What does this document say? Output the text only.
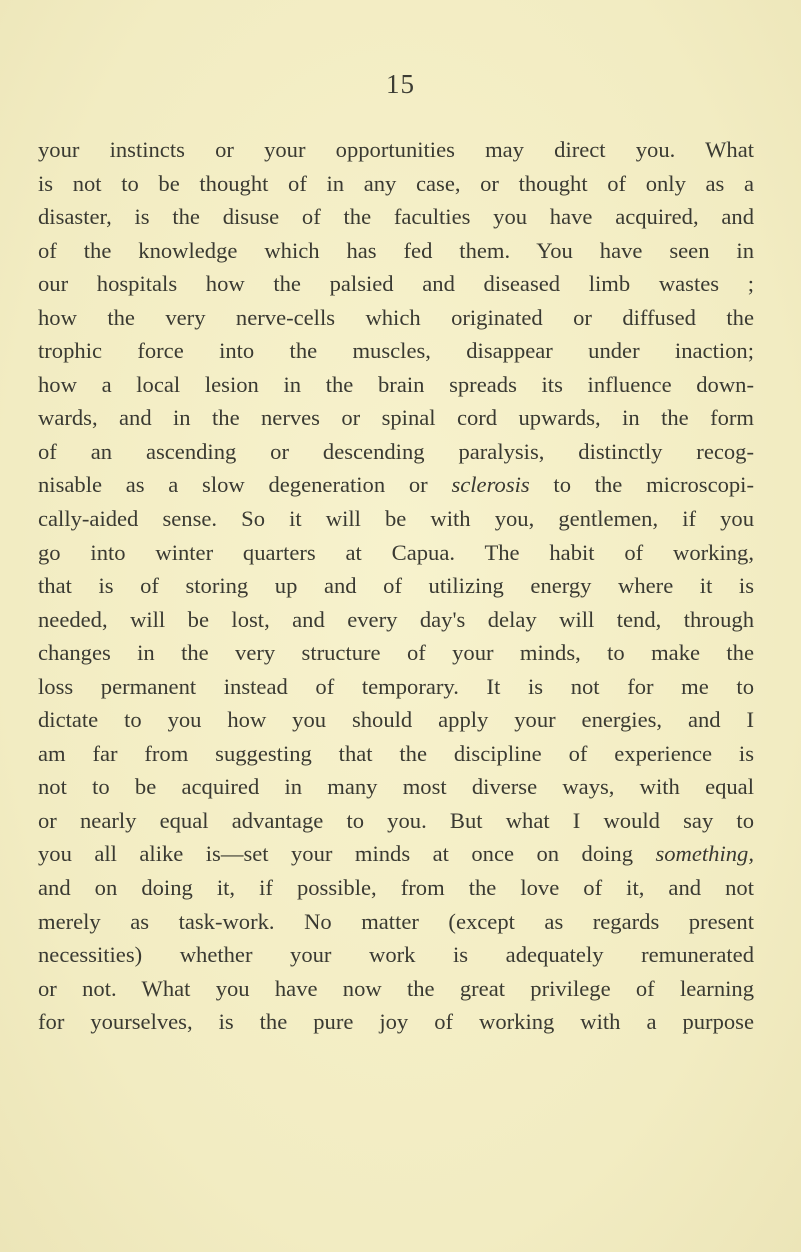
15
your instincts or your opportunities may direct you. What
is not to be thought of in any case, or thought of only as a
disaster, is the disuse of the faculties you have acquired, and
of the knowledge which has fed them. You have seen in
our hospitals how the palsied and diseased limb wastes ;
how the very nerve-cells which originated or diffused the
trophic force into the muscles, disappear under inaction;
how a local lesion in the brain spreads its influence down-
wards, and in the nerves or spinal cord upwards, in the form
of an ascending or descending paralysis, distinctly recog-
nisable as a slow degeneration or sclerosis to the microscopi-
cally-aided sense. So it will be with you, gentlemen, if you
go into winter quarters at Capua. The habit of working,
that is of storing up and of utilizing energy where it is
needed, will be lost, and every day's delay will tend, through
changes in the very structure of your minds, to make the
loss permanent instead of temporary. It is not for me to
dictate to you how you should apply your energies, and I
am far from suggesting that the discipline of experience is
not to be acquired in many most diverse ways, with equal
or nearly equal advantage to you. But what I would say to
you all alike is—set your minds at once on doing something,
and on doing it, if possible, from the love of it, and not
merely as task-work. No matter (except as regards present
necessities) whether your work is adequately remunerated
or not. What you have now the great privilege of learning
for yourselves, is the pure joy of working with a purpose
